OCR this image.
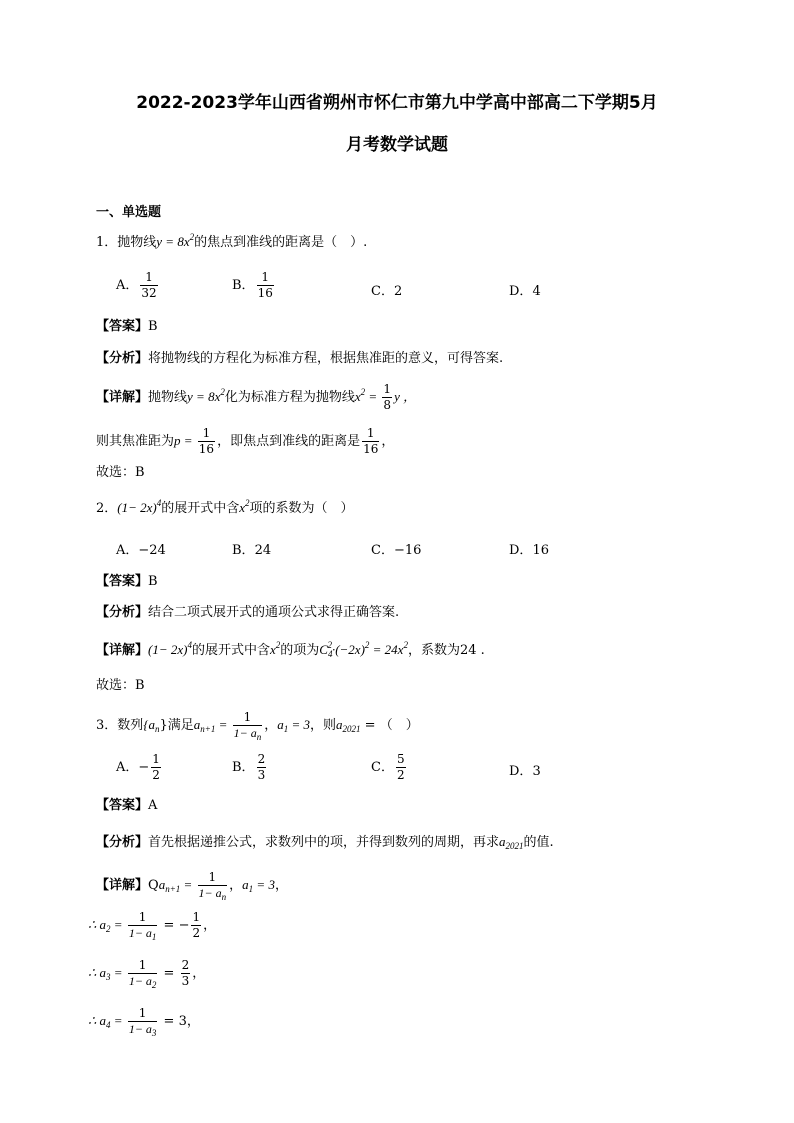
2022-2023学年山西省朔州市怀仁市第九中学高中部高二下学期5月
月考数学试题
一、单选题
1．抛物线$y = 8x^2$的焦点到准线的距离是（　）.
A． $\frac{1}{32}$	B． $\frac{1}{16}$	C．2	D．4
【答案】B
【分析】将抛物线的方程化为标准方程，根据焦准距的意义，可得答案.
【详解】抛物线$y = 8x^2$化为标准方程为抛物线$x^2 = \frac{1}{8}$ y ，
则其焦准距为$p = \frac{1}{16}$ ，即焦点到准线的距离是 $\frac{1}{16}$ ，
故选：B
2．$(1- 2x)^4$的展开式中含$x^2$项的系数为（　）
A．−24	B．24	C．−16	D．16
【答案】B
【分析】结合二项式展开式的通项公式求得正确答案.
【详解】$(1- 2x)^4$的展开式中含$x^2$的项为$C_4^2\cdot(-2x)^2 = 24x^2$，系数为24 .
故选：B
3．数列$\{a_n\}$满足$a_{n+1} = \frac{1}{1- a_n}$ ，$a_1 = 3$，则$a_{2021}$ = （　）
A．− $\frac{1}{2}$	B． $\frac{2}{3}$	C． $\frac{5}{2}$	D．3
【答案】A
【分析】首先根据递推公式，求数列中的项，并得到数列的周期，再求$a_{2021}$的值.
【详解】$Qa_{n+1} = \frac{1}{1- a_n}$ ，$a_1 = 3$，
∴ $a_2 = \frac{1}{1- a_1}$ = − $\frac{1}{2}$ ，
∴ $a_3 = \frac{1}{1- a_2} = \frac{2}{3}$ ，
∴ $a_4 = \frac{1}{1- a_3} = 3$，
